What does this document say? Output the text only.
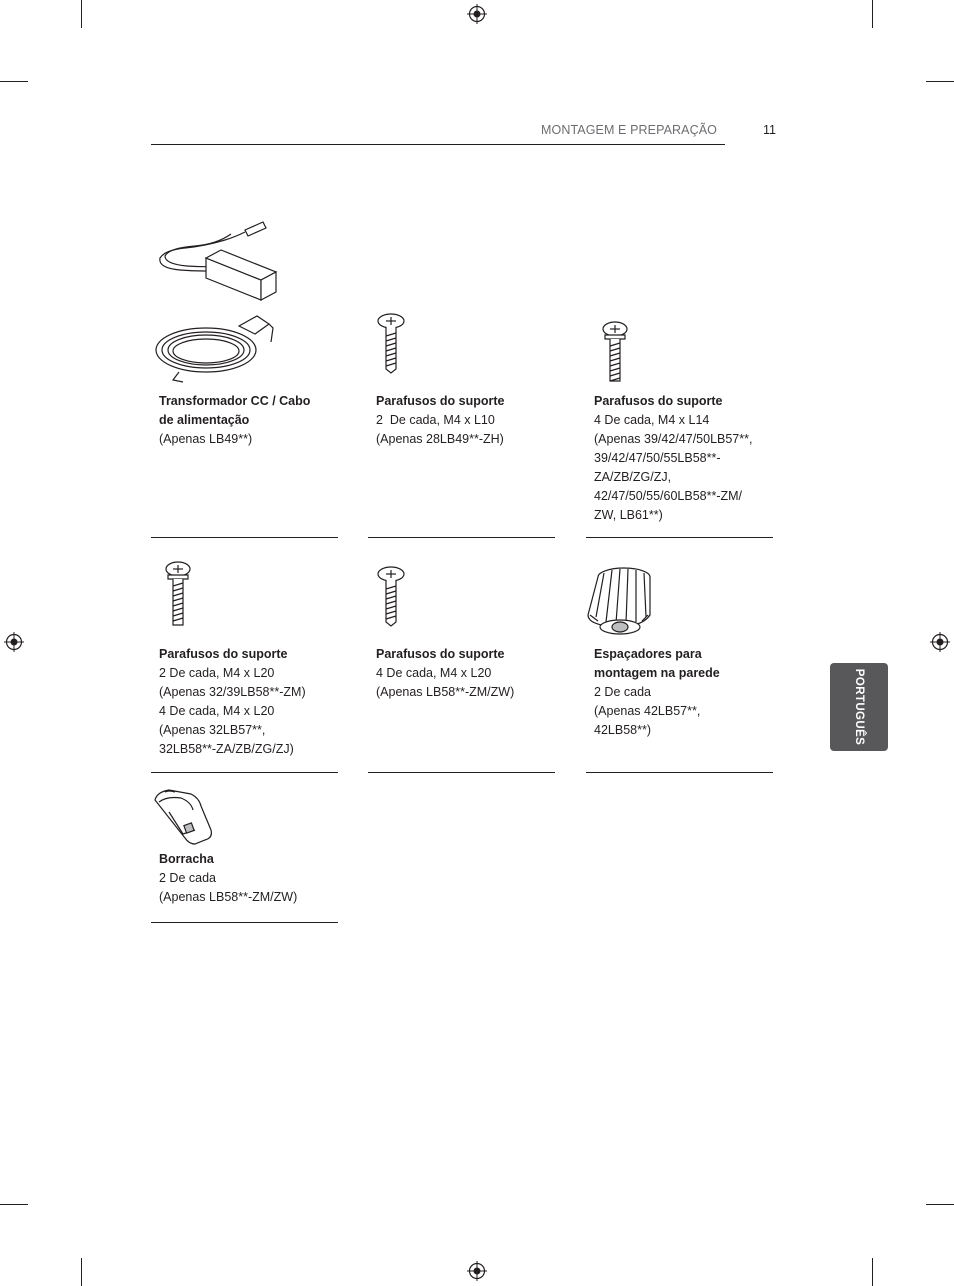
MONTAGEM E PREPARAÇÃO	11
PORTUGUÊS
Transformador CC / Cabo
de alimentação
(Apenas LB49**)
Parafusos do suporte
2  De cada, M4 x L10
(Apenas 28LB49**-ZH)
Parafusos do suporte
4 De cada, M4 x L14
(Apenas 39/42/47/50LB57**,
39/42/47/50/55LB58**-
ZA/ZB/ZG/ZJ,
42/47/50/55/60LB58**-ZM/
ZW, LB61**)
Parafusos do suporte
2 De cada, M4 x L20
(Apenas 32/39LB58**-ZM)
4 De cada, M4 x L20
(Apenas 32LB57**,
32LB58**-ZA/ZB/ZG/ZJ)
Parafusos do suporte
4 De cada, M4 x L20
(Apenas LB58**-ZM/ZW)
Espaçadores para
montagem na parede
2 De cada
(Apenas 42LB57**,
42LB58**)
Borracha
2 De cada
(Apenas LB58**-ZM/ZW)
